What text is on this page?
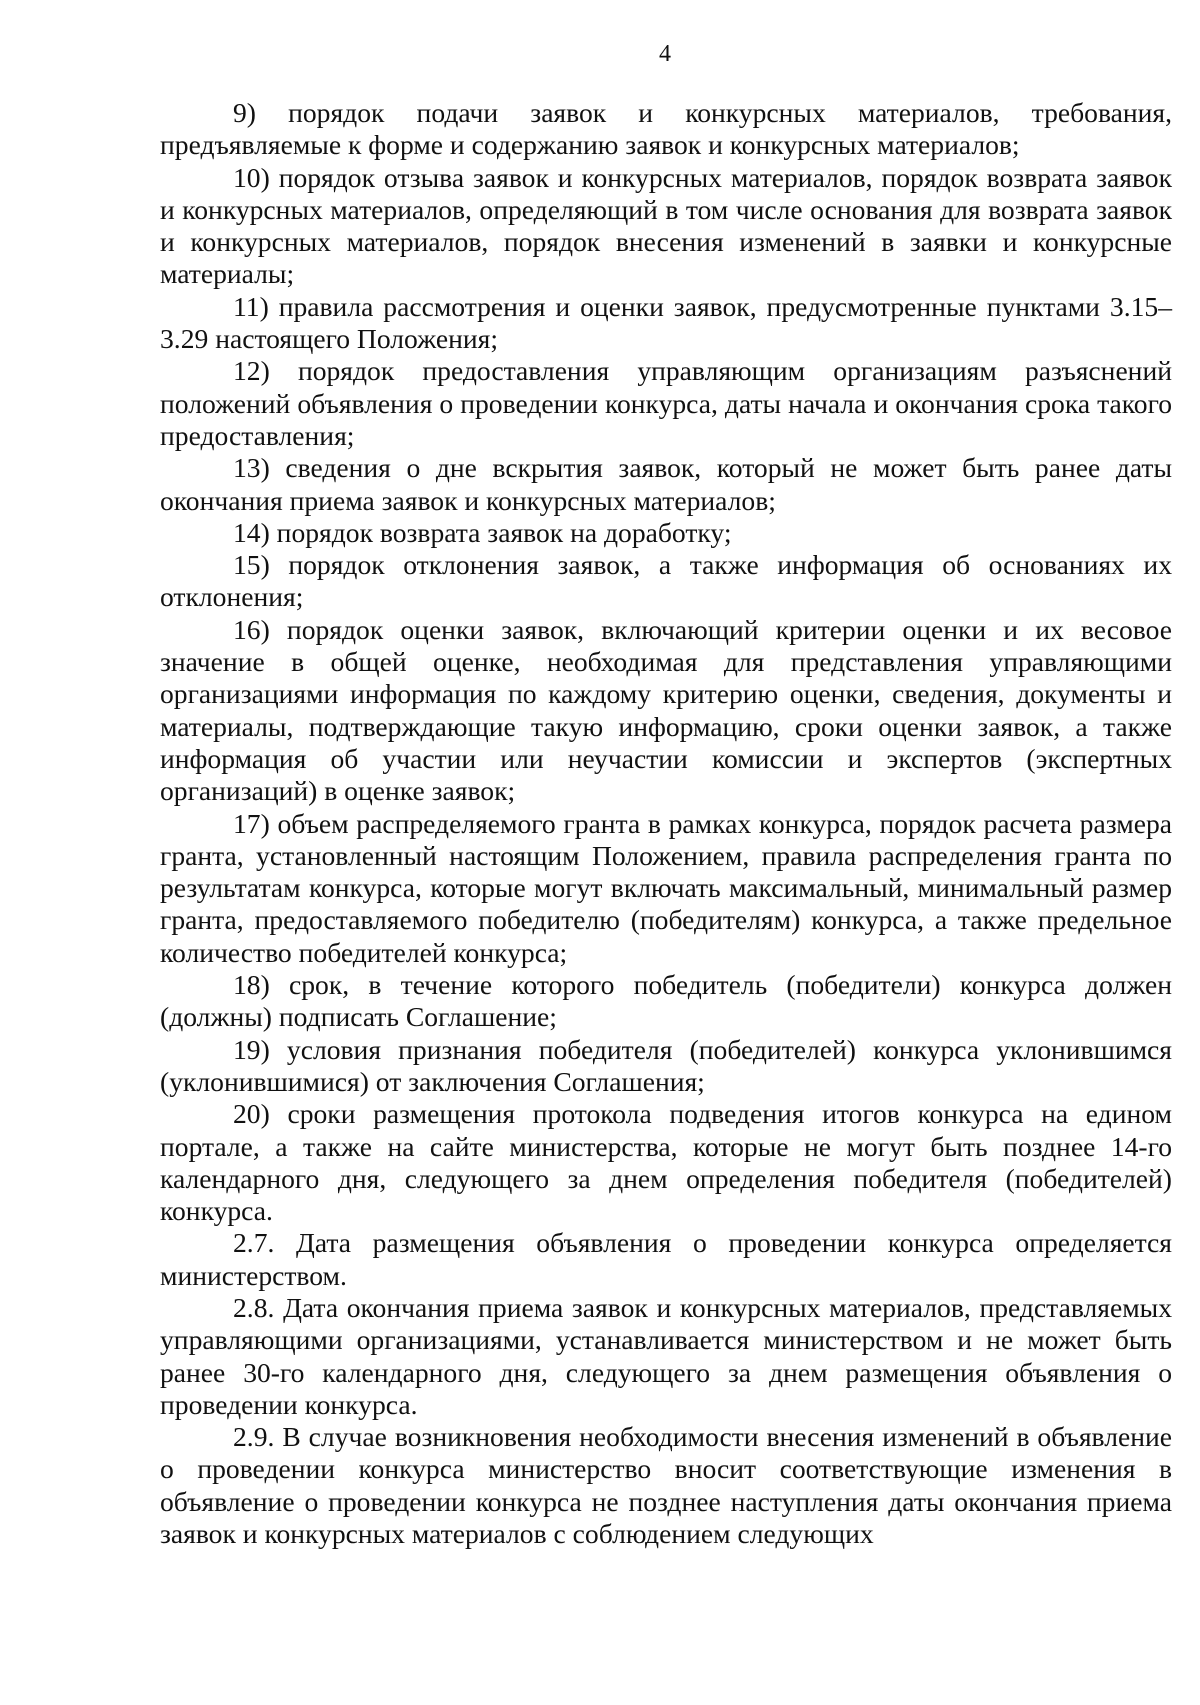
4

9) порядок подачи заявок и конкурсных материалов, требования, предъявляемые к форме и содержанию заявок и конкурсных материалов;

10) порядок отзыва заявок и конкурсных материалов, порядок возврата заявок и конкурсных материалов, определяющий в том числе основания для возврата заявок и конкурсных материалов, порядок внесения изменений в заявки и конкурсные материалы;

11) правила рассмотрения и оценки заявок, предусмотренные пунктами 3.15–3.29 настоящего Положения;

12) порядок предоставления управляющим организациям разъяснений положений объявления о проведении конкурса, даты начала и окончания срока такого предоставления;

13) сведения о дне вскрытия заявок, который не может быть ранее даты окончания приема заявок и конкурсных материалов;

14) порядок возврата заявок на доработку;

15) порядок отклонения заявок, а также информация об основаниях их отклонения;

16) порядок оценки заявок, включающий критерии оценки и их весовое значение в общей оценке, необходимая для представления управляющими организациями информация по каждому критерию оценки, сведения, документы и материалы, подтверждающие такую информацию, сроки оценки заявок, а также информация об участии или неучастии комиссии и экспертов (экспертных организаций) в оценке заявок;

17) объем распределяемого гранта в рамках конкурса, порядок расчета размера гранта, установленный настоящим Положением, правила распределения гранта по результатам конкурса, которые могут включать максимальный, минимальный размер гранта, предоставляемого победителю (победителям) конкурса, а также предельное количество победителей конкурса;

18) срок, в течение которого победитель (победители) конкурса должен (должны) подписать Соглашение;

19) условия признания победителя (победителей) конкурса уклонившимся (уклонившимися) от заключения Соглашения;

20) сроки размещения протокола подведения итогов конкурса на едином портале, а также на сайте министерства, которые не могут быть позднее 14-го календарного дня, следующего за днем определения победителя (победителей) конкурса.

2.7. Дата размещения объявления о проведении конкурса определяется министерством.

2.8. Дата окончания приема заявок и конкурсных материалов, представляемых управляющими организациями, устанавливается министерством и не может быть ранее 30-го календарного дня, следующего за днем размещения объявления о проведении конкурса.

2.9. В случае возникновения необходимости внесения изменений в объявление о проведении конкурса министерство вносит соответствующие изменения в объявление о проведении конкурса не позднее наступления даты окончания приема заявок и конкурсных материалов с соблюдением следующих
